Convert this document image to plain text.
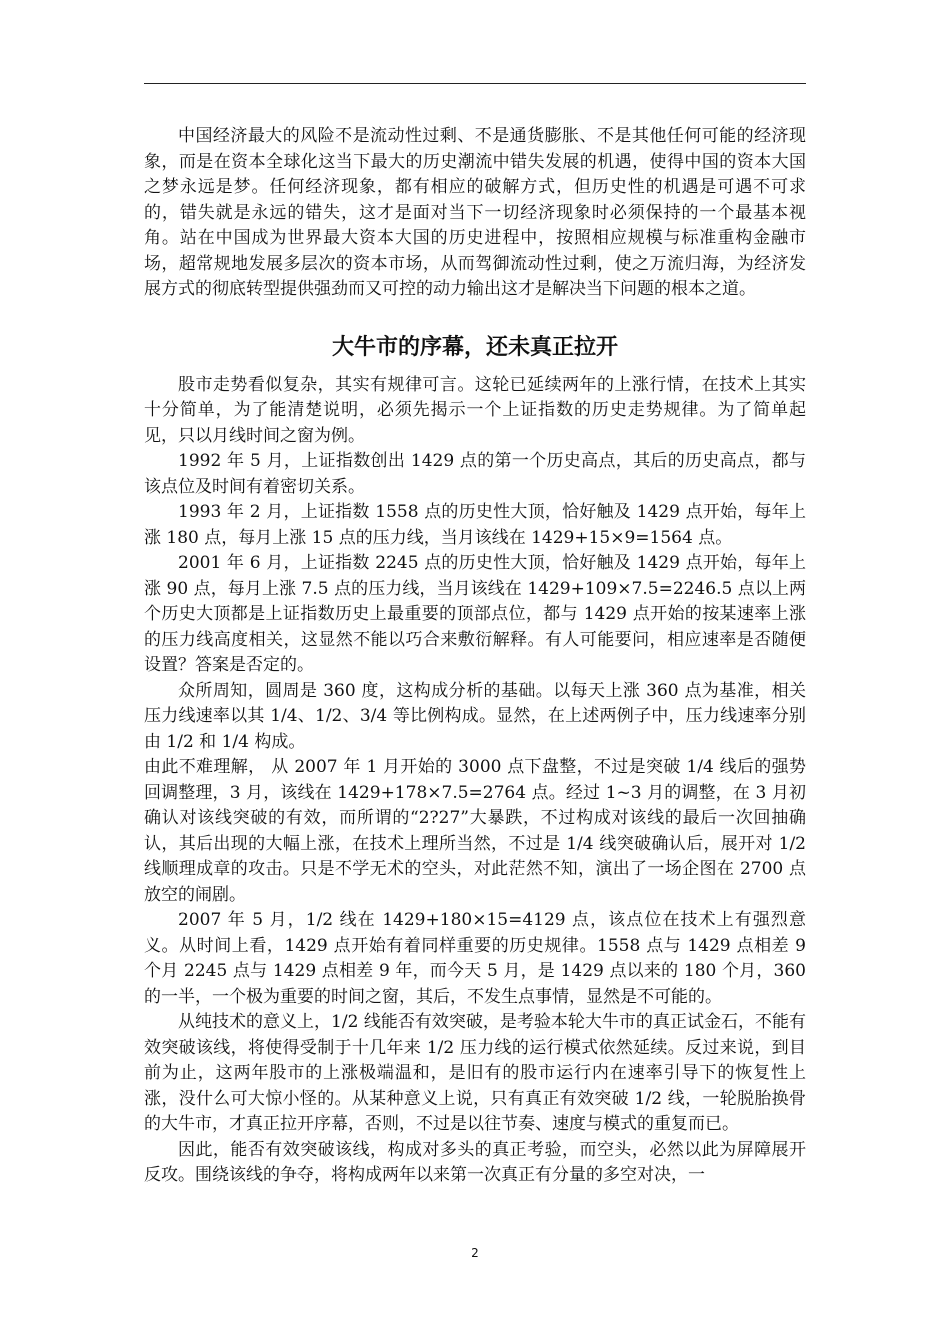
中国经济最大的风险不是流动性过剩、不是通货膨胀、不是其他任何可能的经济现象，而是在资本全球化这当下最大的历史潮流中错失发展的机遇，使得中国的资本大国之梦永远是梦。任何经济现象，都有相应的破解方式，但历史性的机遇是可遇不可求的，错失就是永远的错失，这才是面对当下一切经济现象时必须保持的一个最基本视角。站在中国成为世界最大资本大国的历史进程中，按照相应规模与标准重构金融市场，超常规地发展多层次的资本市场，从而驾御流动性过剩，使之万流归海，为经济发展方式的彻底转型提供强劲而又可控的动力输出这才是解决当下问题的根本之道。

大牛市的序幕，还未真正拉开

股市走势看似复杂，其实有规律可言。这轮已延续两年的上涨行情，在技术上其实十分简单，为了能清楚说明，必须先揭示一个上证指数的历史走势规律。为了简单起见，只以月线时间之窗为例。

1992 年 5 月，上证指数创出 1429 点的第一个历史高点，其后的历史高点，都与该点位及时间有着密切关系。

1993 年 2 月，上证指数 1558 点的历史性大顶，恰好触及 1429 点开始，每年上涨 180 点，每月上涨 15 点的压力线，当月该线在 1429+15×9=1564 点。

2001 年 6 月，上证指数 2245 点的历史性大顶，恰好触及 1429 点开始，每年上涨 90 点，每月上涨 7.5 点的压力线，当月该线在 1429+109×7.5=2246.5 点以上两个历史大顶都是上证指数历史上最重要的顶部点位，都与 1429 点开始的按某速率上涨的压力线高度相关，这显然不能以巧合来敷衍解释。有人可能要问，相应速率是否随便设置？答案是否定的。

众所周知，圆周是 360 度，这构成分析的基础。以每天上涨 360 点为基准，相关压力线速率以其 1/4、1/2、3/4 等比例构成。显然，在上述两例子中，压力线速率分别由 1/2 和 1/4 构成。

由此不难理解， 从 2007 年 1 月开始的 3000 点下盘整，不过是突破 1/4 线后的强势回调整理，3 月，该线在 1429+178×7.5=2764 点。经过 1~3 月的调整，在 3 月初确认对该线突破的有效，而所谓的“2?27”大暴跌，不过构成对该线的最后一次回抽确认，其后出现的大幅上涨，在技术上理所当然，不过是 1/4 线突破确认后，展开对 1/2 线顺理成章的攻击。只是不学无术的空头，对此茫然不知，演出了一场企图在 2700 点放空的闹剧。

2007 年 5 月，1/2 线在 1429+180×15=4129 点，该点位在技术上有强烈意义。从时间上看，1429 点开始有着同样重要的历史规律。1558 点与 1429 点相差 9 个月 2245 点与 1429 点相差 9 年，而今天 5 月，是 1429 点以来的 180 个月，360 的一半，一个极为重要的时间之窗，其后，不发生点事情，显然是不可能的。

从纯技术的意义上，1/2 线能否有效突破，是考验本轮大牛市的真正试金石，不能有效突破该线，将使得受制于十几年来 1/2 压力线的运行模式依然延续。反过来说，到目前为止，这两年股市的上涨极端温和，是旧有的股市运行内在速率引导下的恢复性上涨，没什么可大惊小怪的。从某种意义上说，只有真正有效突破 1/2 线，一轮脱胎换骨的大牛市，才真正拉开序幕，否则，不过是以往节奏、速度与模式的重复而已。

因此，能否有效突破该线，构成对多头的真正考验，而空头，必然以此为屏障展开反攻。围绕该线的争夺，将构成两年以来第一次真正有分量的多空对决，一

2
